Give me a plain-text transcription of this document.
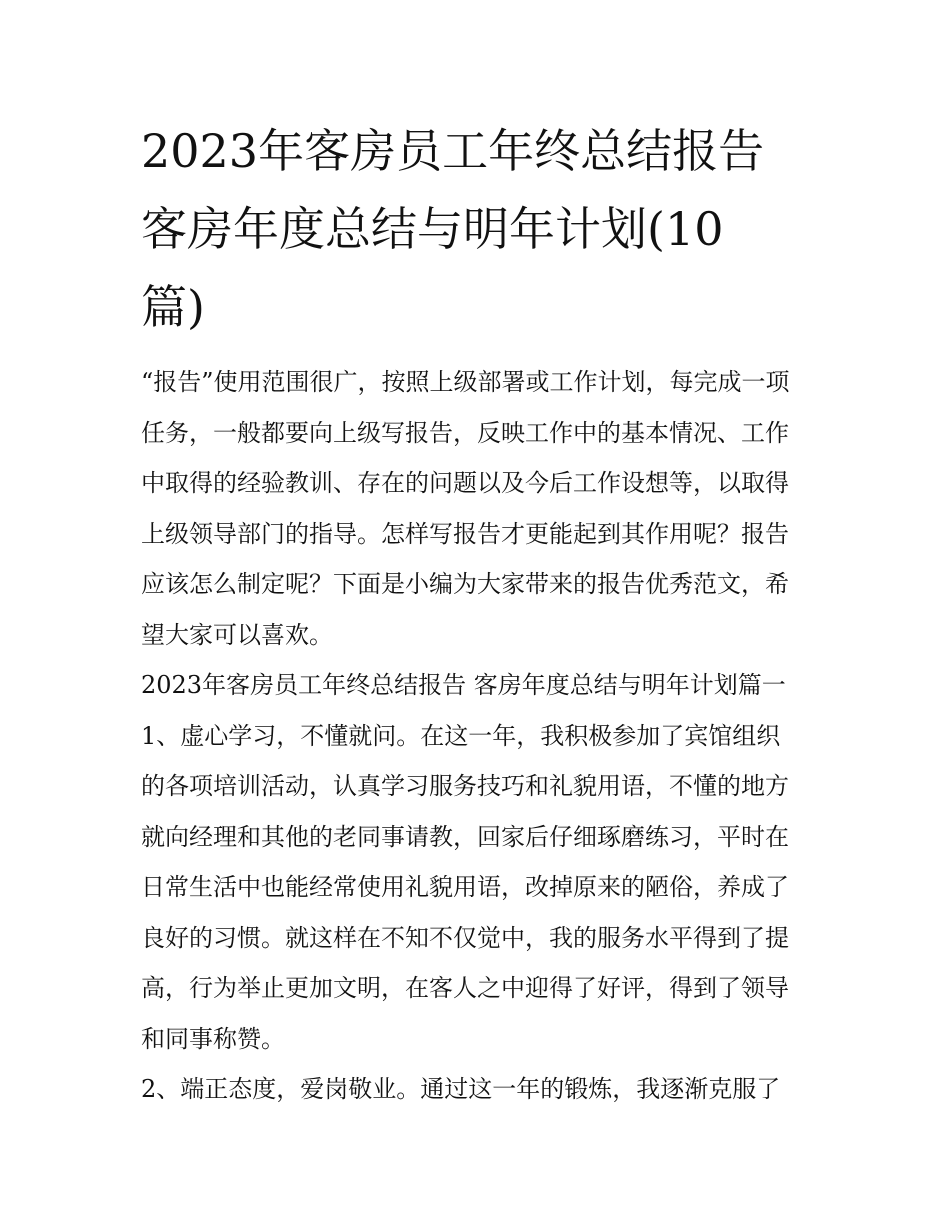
2023年客房员工年终总结报告
客房年度总结与明年计划(10
篇)
“报告”使用范围很广，按照上级部署或工作计划，每完成一项
任务，一般都要向上级写报告，反映工作中的基本情况、工作
中取得的经验教训、存在的问题以及今后工作设想等，以取得
上级领导部门的指导。怎样写报告才更能起到其作用呢？报告
应该怎么制定呢？下面是小编为大家带来的报告优秀范文，希
望大家可以喜欢。
2023年客房员工年终总结报告 客房年度总结与明年计划篇一
1、虚心学习，不懂就问。在这一年，我积极参加了宾馆组织
的各项培训活动，认真学习服务技巧和礼貌用语，不懂的地方
就向经理和其他的老同事请教，回家后仔细琢磨练习，平时在
日常生活中也能经常使用礼貌用语，改掉原来的陋俗，养成了
良好的习惯。就这样在不知不仅觉中，我的服务水平得到了提
高，行为举止更加文明，在客人之中迎得了好评，得到了领导
和同事称赞。
2、端正态度，爱岗敬业。通过这一年的锻炼，我逐渐克服了
